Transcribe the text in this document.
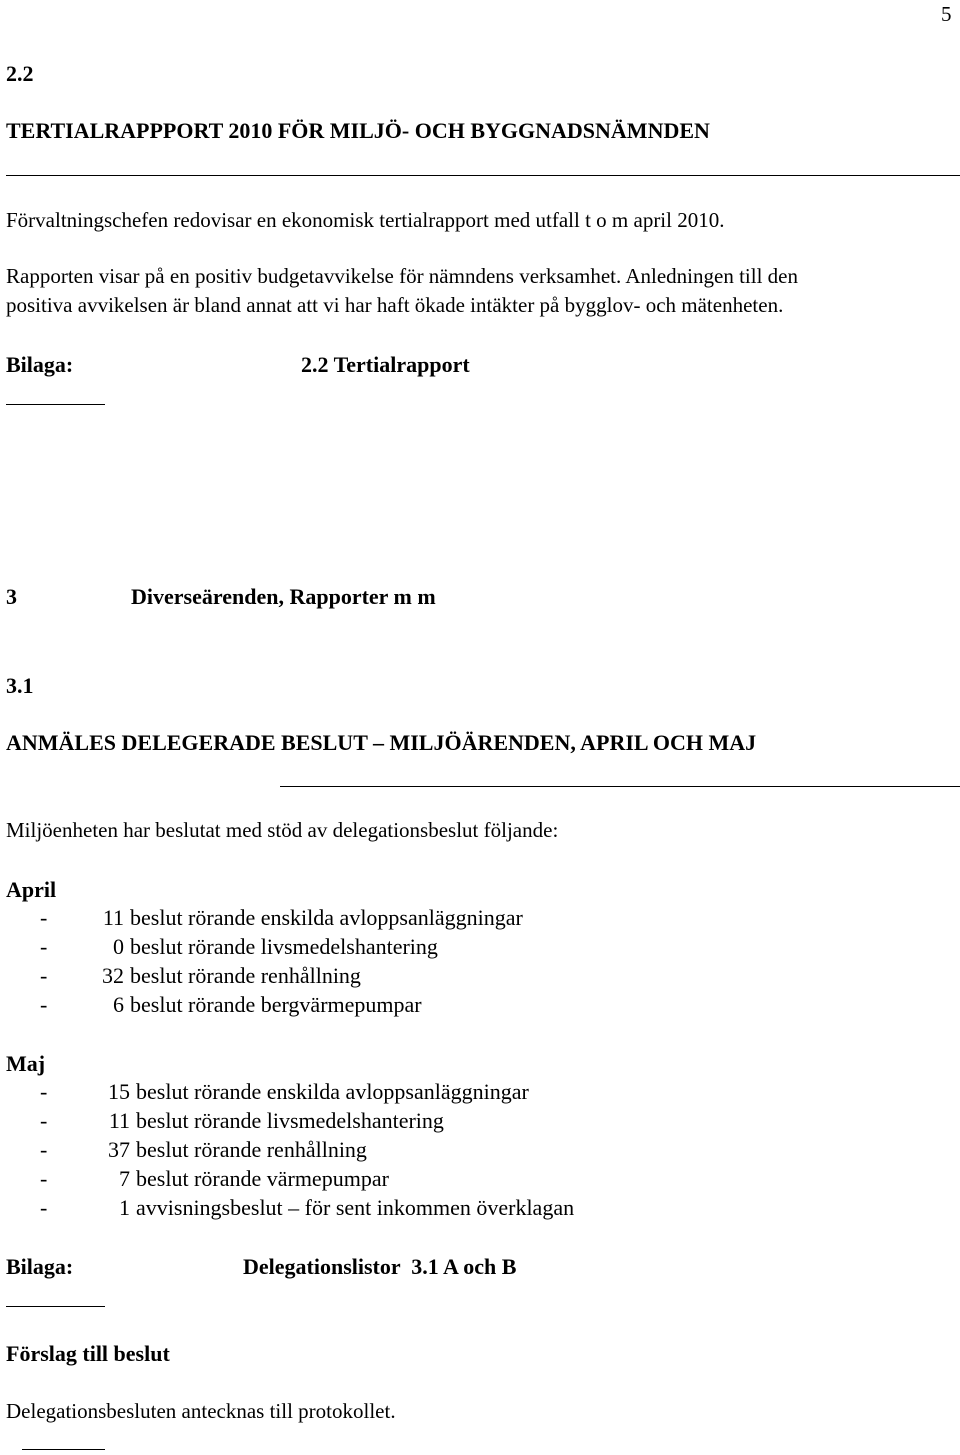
5
2.2
TERTIALRAPPPORT 2010 FÖR MILJÖ- OCH BYGGNADSNÄMNDEN
Förvaltningschefen redovisar en ekonomisk tertialrapport med utfall t o m april 2010.
Rapporten visar på en positiv budgetavvikelse för nämndens verksamhet. Anledningen till den
positiva avvikelsen är bland annat att vi har haft ökade intäkter på bygglov- och mätenheten.
Bilaga:	2.2 Tertialrapport
3	Diverseärenden, Rapporter m m
3.1
ANMÄLES DELEGERADE BESLUT – MILJÖÄRENDEN, APRIL OCH MAJ
Miljöenheten har beslutat med stöd av delegationsbeslut följande:
April
-	11 beslut rörande enskilda avloppsanläggningar
-	0 beslut rörande livsmedelshantering
-	32 beslut rörande renhållning
-	6 beslut rörande bergvärmepumpar
Maj
-	15 beslut rörande enskilda avloppsanläggningar
-	11 beslut rörande livsmedelshantering
-	37 beslut rörande renhållning
-	7 beslut rörande värmepumpar
-	1 avvisningsbeslut – för sent inkommen överklagan
Bilaga:	Delegationslistor  3.1 A och B
Förslag till beslut
Delegationsbesluten antecknas till protokollet.
